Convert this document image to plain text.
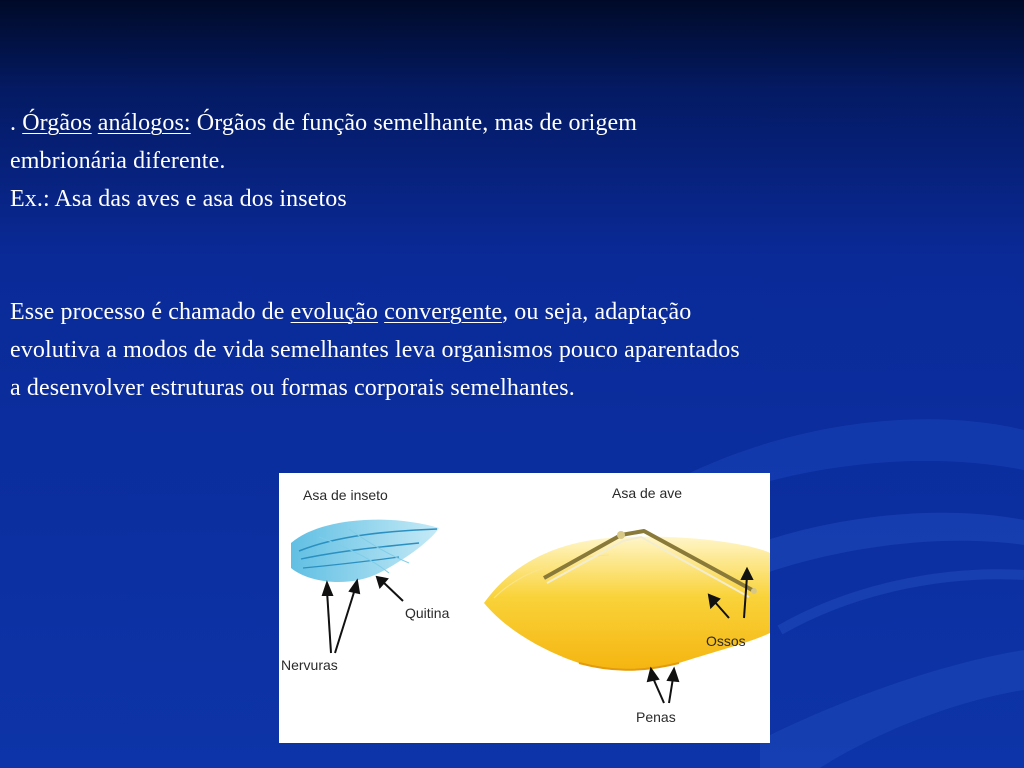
. Órgãos análogos: Órgãos de função semelhante, mas de origem
embrionária diferente.
Ex.: Asa das aves e asa dos insetos
Esse processo é chamado de evolução convergente, ou seja, adaptação
evolutiva a modos de vida semelhantes leva organismos pouco aparentados
a desenvolver estruturas ou formas corporais semelhantes.
Asa de inseto	Asa de ave
Quitina
Nervuras
Ossos
Penas
